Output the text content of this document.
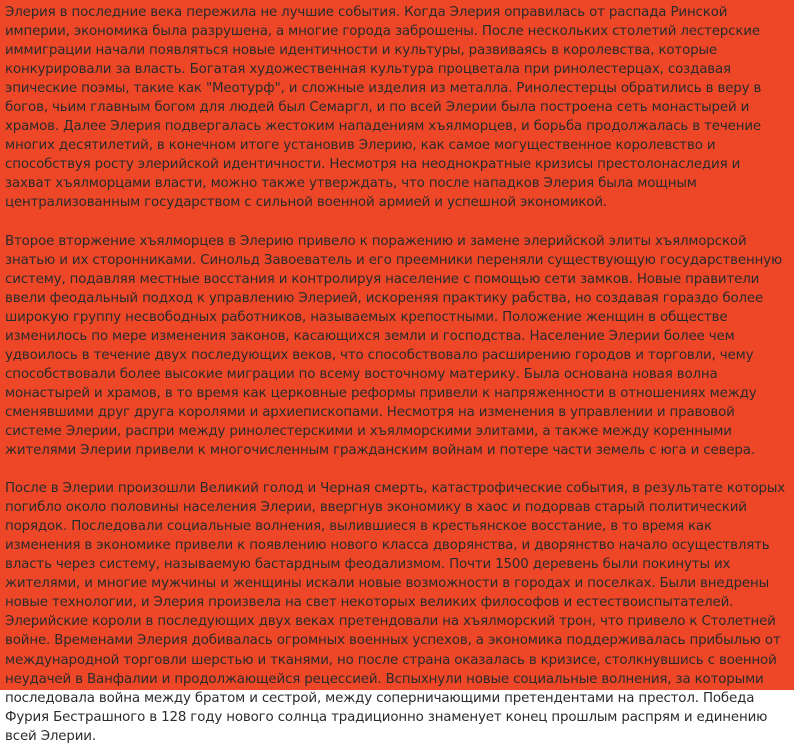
Элерия в последние века пережила не лучшие события. Когда Элерия оправилась от распада Ринской империи, экономика была разрушена, а многие города заброшены. После нескольких столетий лестерские иммиграции начали появляться новые идентичности и культуры, развиваясь в королевства, которые конкурировали за власть. Богатая художественная культура процветала при ринолестерцах, создавая эпические поэмы, такие как "Меотурф", и сложные изделия из металла. Ринолестерцы обратились в веру в богов, чьим главным богом для людей был Семаргл, и по всей Элерии была построена сеть монастырей и храмов. Далее Элерия подвергалась жестоким нападениям хъялморцев, и борьба продолжалась в течение многих десятилетий, в конечном итоге установив Элерию, как самое могущественное королевство и способствуя росту элерийской идентичности. Несмотря на неоднократные кризисы престолонаследия и захват хъялморцами власти, можно также утверждать, что после нападков Элерия была мощным централизованным государством с сильной военной армией и успешной экономикой.

Второе вторжение хъялморцев в Элерию привело к поражению и замене элерийской элиты хъялморской знатью и их сторонниками. Синольд Завоеватель и его преемники переняли существующую государственную систему, подавляя местные восстания и контролируя население с помощью сети замков. Новые правители ввели феодальный подход к управлению Элерией, искореняя практику рабства, но создавая гораздо более широкую группу несвободных работников, называемых крепостными. Положение женщин в обществе изменилось по мере изменения законов, касающихся земли и господства. Население Элерии более чем удвоилось в течение двух последующих веков, что способствовало расширению городов и торговли, чему способствовали более высокие миграции по всему восточному материку. Была основана новая волна монастырей и храмов, в то время как церковные реформы привели к напряженности в отношениях между сменявшими друг друга королями и архиепископами. Несмотря на изменения в управлении и правовой системе Элерии, распри между ринолестерскими и хъялморскими элитами, а также между коренными жителями Элерии привели к многочисленным гражданским войнам и потере части земель с юга и севера.

После в Элерии произошли Великий голод и Черная смерть, катастрофические события, в результате которых погибло около половины населения Элерии, ввергнув экономику в хаос и подорвав старый политический порядок. Последовали социальные волнения, вылившиеся в крестьянское восстание, в то время как изменения в экономике привели к появлению нового класса дворянства, и дворянство начало осуществлять власть через систему, называемую бастардным феодализмом. Почти 1500 деревень были покинуты их жителями, и многие мужчины и женщины искали новые возможности в городах и поселках. Были внедрены новые технологии, и Элерия произвела на свет некоторых великих философов и естествоиспытателей. Элерийские короли в последующих двух веках претендовали на хъялморский трон, что привело к Столетней войне. Временами Элерия добивалась огромных военных успехов, а экономика поддерживалась прибылью от международной торговли шерстью и тканями, но после страна оказалась в кризисе, столкнувшись с военной неудачей в Ванфалии и продолжающейся рецессией. Вспыхнули новые социальные волнения, за которыми последовала война между братом и сестрой, между соперничающими претендентами на престол. Победа Фурия Бестрашного в 128 году нового солнца традиционно знаменует конец прошлым распрям и единению всей Элерии.
